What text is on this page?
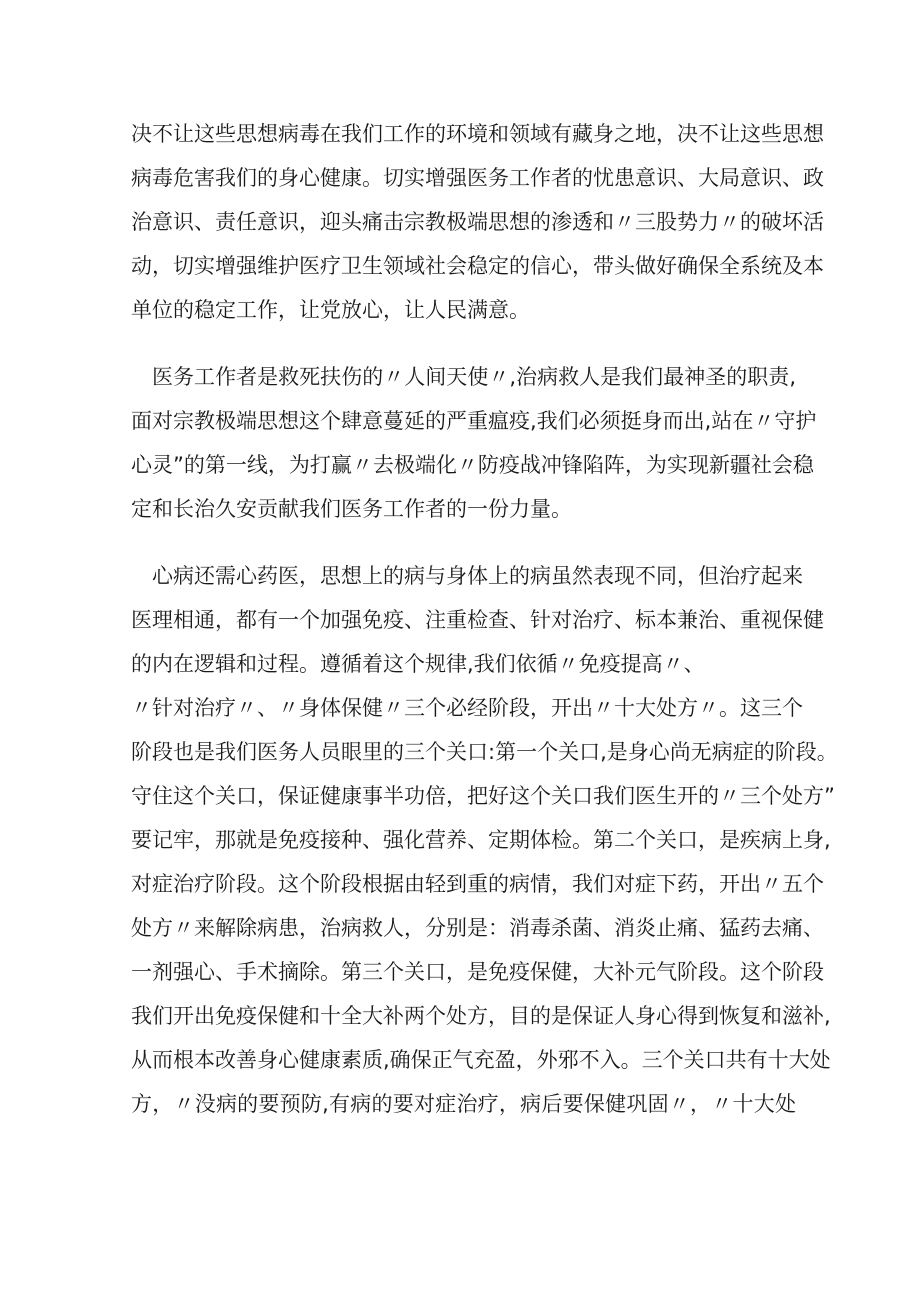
决不让这些思想病毒在我们工作的环境和领域有藏身之地，决不让这些思想
病毒危害我们的身心健康。切实增强医务工作者的忧患意识、大局意识、政
治意识、责任意识，迎头痛击宗教极端思想的渗透和〃三股势力〃的破坏活
动，切实增强维护医疗卫生领域社会稳定的信心，带头做好确保全系统及本
单位的稳定工作，让党放心，让人民满意。
　医务工作者是救死扶伤的〃人间天使〃,治病救人是我们最神圣的职责,
面对宗教极端思想这个肆意蔓延的严重瘟疫,我们必须挺身而出,站在〃守护
心灵”的第一线，为打赢〃去极端化〃防疫战冲锋陷阵，为实现新疆社会稳
定和长治久安贡献我们医务工作者的一份力量。
　心病还需心药医，思想上的病与身体上的病虽然表现不同，但治疗起来
医理相通，都有一个加强免疫、注重检查、针对治疗、标本兼治、重视保健
的内在逻辑和过程。遵循着这个规律,我们依循〃免疫提高〃、
〃针对治疗〃、〃身体保健〃三个必经阶段，开出〃十大处方〃。这三个
阶段也是我们医务人员眼里的三个关口:第一个关口,是身心尚无病症的阶段。
守住这个关口，保证健康事半功倍，把好这个关口我们医生开的〃三个处方”
要记牢，那就是免疫接种、强化营养、定期体检。第二个关口，是疾病上身,
对症治疗阶段。这个阶段根据由轻到重的病情，我们对症下药，开出〃五个
处方〃来解除病患，治病救人，分别是：消毒杀菌、消炎止痛、猛药去痛、
一剂强心、手术摘除。第三个关口，是免疫保健，大补元气阶段。这个阶段
我们开出免疫保健和十全大补两个处方，目的是保证人身心得到恢复和滋补,
从而根本改善身心健康素质,确保正气充盈，外邪不入。三个关口共有十大处
方，〃没病的要预防,有病的要对症治疗，病后要保健巩固〃，〃十大处
